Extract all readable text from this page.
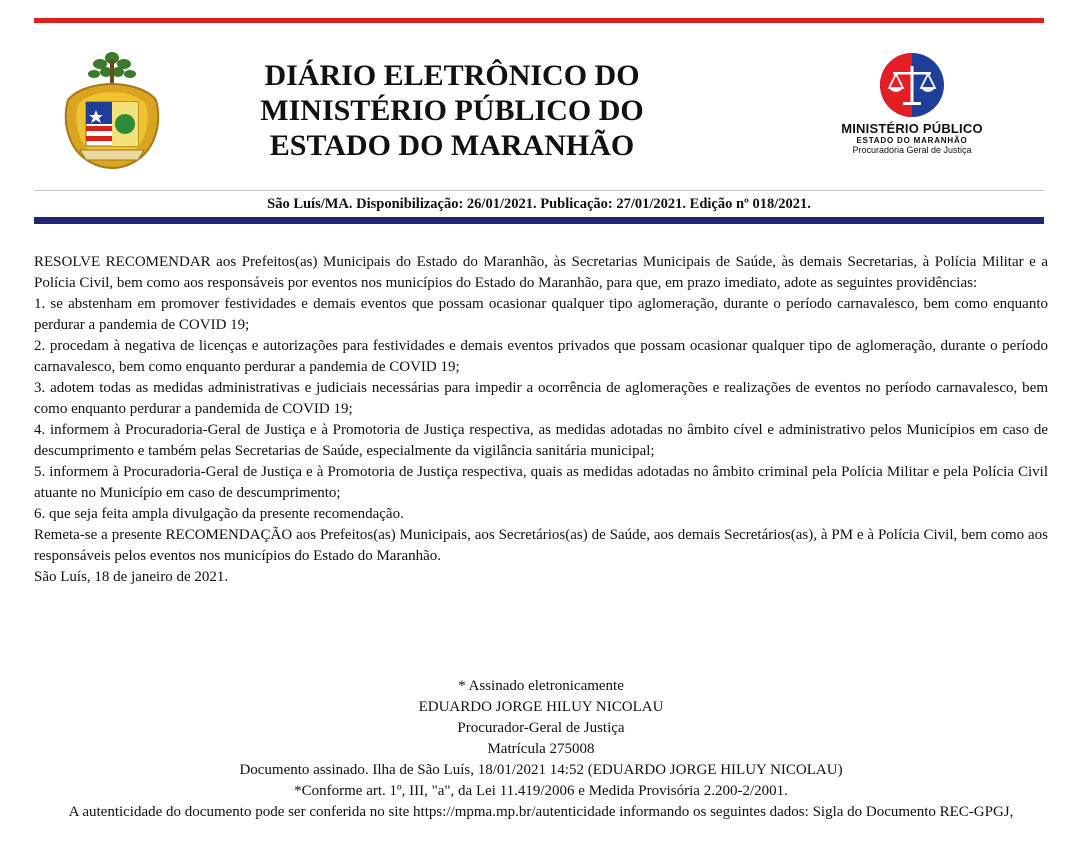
DIÁRIO ELETRÔNICO DO
MINISTÉRIO PÚBLICO DO
ESTADO DO MARANHÃO
MINISTÉRIO PÚBLICO
ESTADO DO MARANHÃO
Procuradoria Geral de Justiça
São Luís/MA. Disponibilização: 26/01/2021. Publicação: 27/01/2021. Edição nº 018/2021.

RESOLVE RECOMENDAR aos Prefeitos(as) Municipais do Estado do Maranhão, às Secretarias Municipais de Saúde, às demais Secretarias, à Polícia Militar e a Polícia Civil, bem como aos responsáveis por eventos nos municípios do Estado do Maranhão, para que, em prazo imediato, adote as seguintes providências:

1. se abstenham em promover festividades e demais eventos que possam ocasionar qualquer tipo aglomeração, durante o período carnavalesco, bem como enquanto perdurar a pandemia de COVID 19;

2. procedam à negativa de licenças e autorizações para festividades e demais eventos privados que possam ocasionar qualquer tipo de aglomeração, durante o período carnavalesco, bem como enquanto perdurar a pandemia de COVID 19;

3. adotem todas as medidas administrativas e judiciais necessárias para impedir a ocorrência de aglomerações e realizações de eventos no período carnavalesco, bem como enquanto perdurar a pandemida de COVID 19;

4. informem à Procuradoria-Geral de Justiça e à Promotoria de Justiça respectiva, as medidas adotadas no âmbito cível e administrativo pelos Municípios em caso de descumprimento e também pelas Secretarias de Saúde, especialmente da vigilância sanitária municipal;

5. informem à Procuradoria-Geral de Justiça e à Promotoria de Justiça respectiva, quais as medidas adotadas no âmbito criminal pela Polícia Militar e pela Polícia Civil atuante no Município em caso de descumprimento;

6. que seja feita ampla divulgação da presente recomendação.

Remeta-se a presente RECOMENDAÇÃO aos Prefeitos(as) Municipais, aos Secretários(as) de Saúde, aos demais Secretários(as), à PM e à Polícia Civil, bem como aos responsáveis pelos eventos nos municípios do Estado do Maranhão.

São Luís, 18 de janeiro de 2021.

* Assinado eletronicamente
EDUARDO JORGE HILUY NICOLAU
Procurador-Geral de Justiça
Matrícula 275008
Documento assinado. Ilha de São Luís, 18/01/2021 14:52 (EDUARDO JORGE HILUY NICOLAU)
*Conforme art. 1º, III, "a", da Lei 11.419/2006 e Medida Provisória 2.200-2/2001.
A autenticidade do documento pode ser conferida no site https://mpma.mp.br/autenticidade informando os seguintes dados: Sigla do Documento REC-GPGJ,
